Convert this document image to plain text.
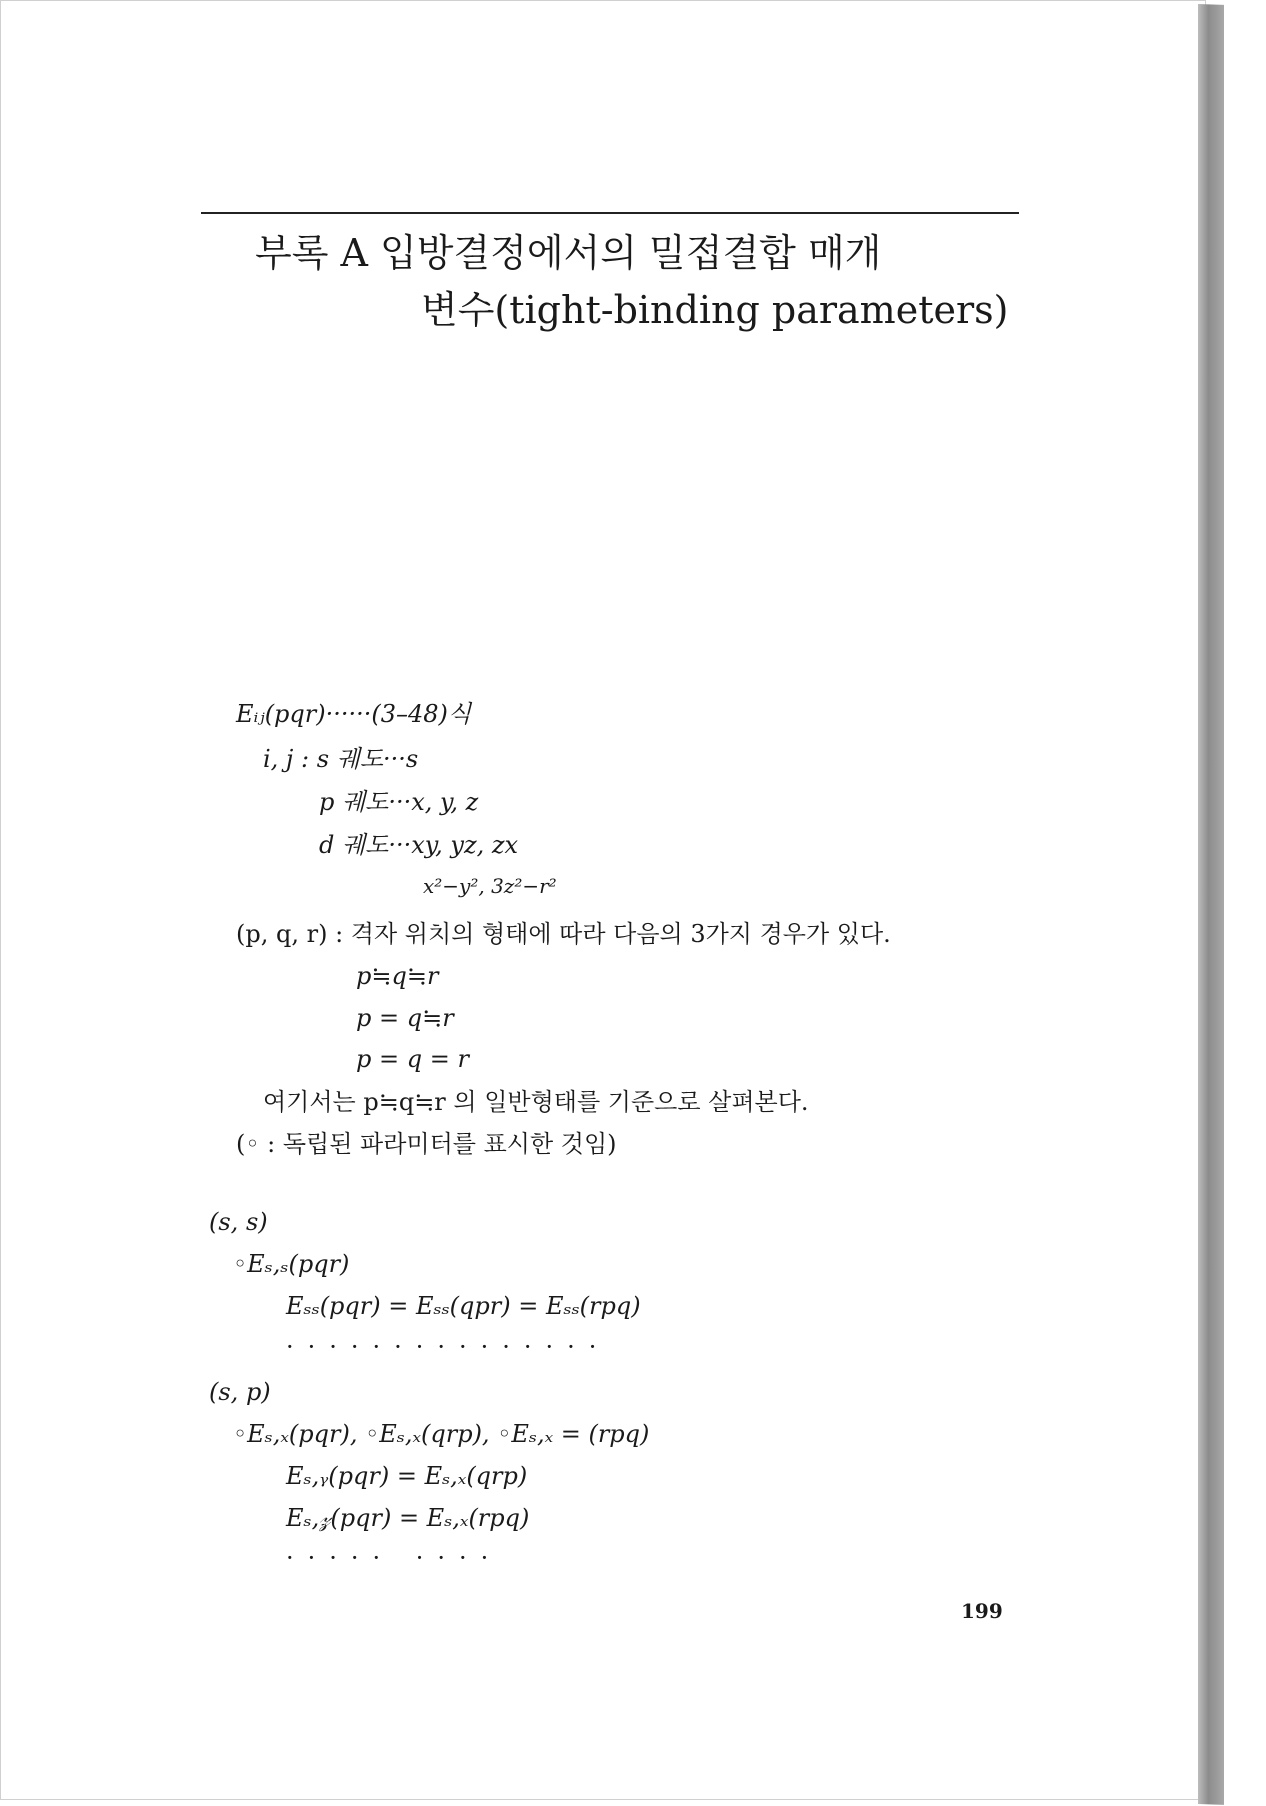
부록 A 입방결정에서의 밀접결합 매개
변수(tight-binding parameters)
Eᵢⱼ(pqr)······(3–48)식
i, j : s 궤도···s
p 궤도···x, y, z
d 궤도···xy, yz, zx
x²−y², 3z²−r²
(p, q, r) : 격자 위치의 형태에 따라 다음의 3가지 경우가 있다.
p≒q≒r
p = q≒r
p = q = r
여기서는 p≒q≒r 의 일반형태를 기준으로 살펴본다.
(◦ : 독립된 파라미터를 표시한 것임)
(s, s)
◦Eₛ,ₛ(pqr)
Eₛₛ(pqr) = Eₛₛ(qpr) = Eₛₛ(rpq)
···············
(s, p)
◦Eₛ,ₓ(pqr), ◦Eₛ,ₓ(qrp), ◦Eₛ,ₓ = (rpq)
Eₛ,ᵧ(pqr) = Eₛ,ₓ(qrp)
Eₛ,𝓏(pqr) = Eₛ,ₓ(rpq)
····· ····
199
